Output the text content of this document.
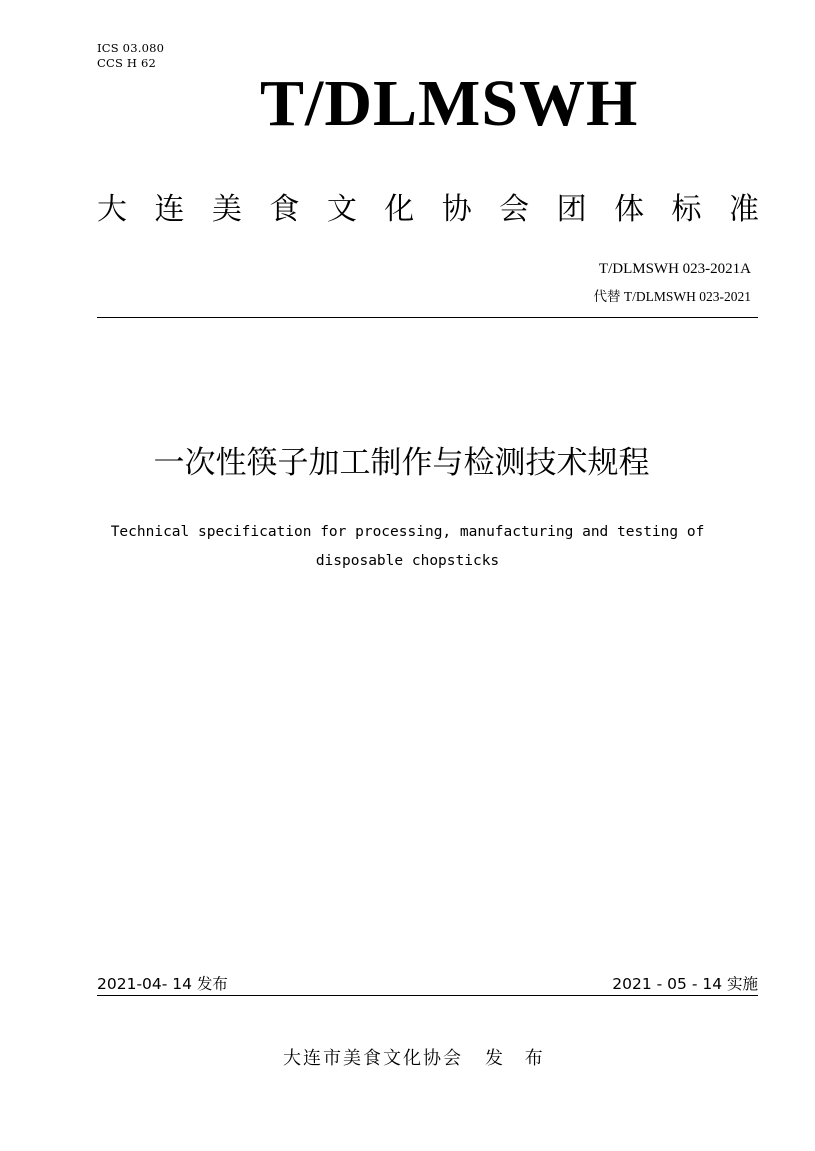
ICS 03.080
CCS H 62
T/DLMSWH
大 连 美 食 文 化 协 会 团 体 标 准
T/DLMSWH 023-2021A
代替 T/DLMSWH 023-2021
一次性筷子加工制作与检测技术规程
Technical specification for processing, manufacturing and testing of
disposable chopsticks
2021-04- 14 发布	2021 - 05 - 14 实施
大连市美食文化协会 发 布
